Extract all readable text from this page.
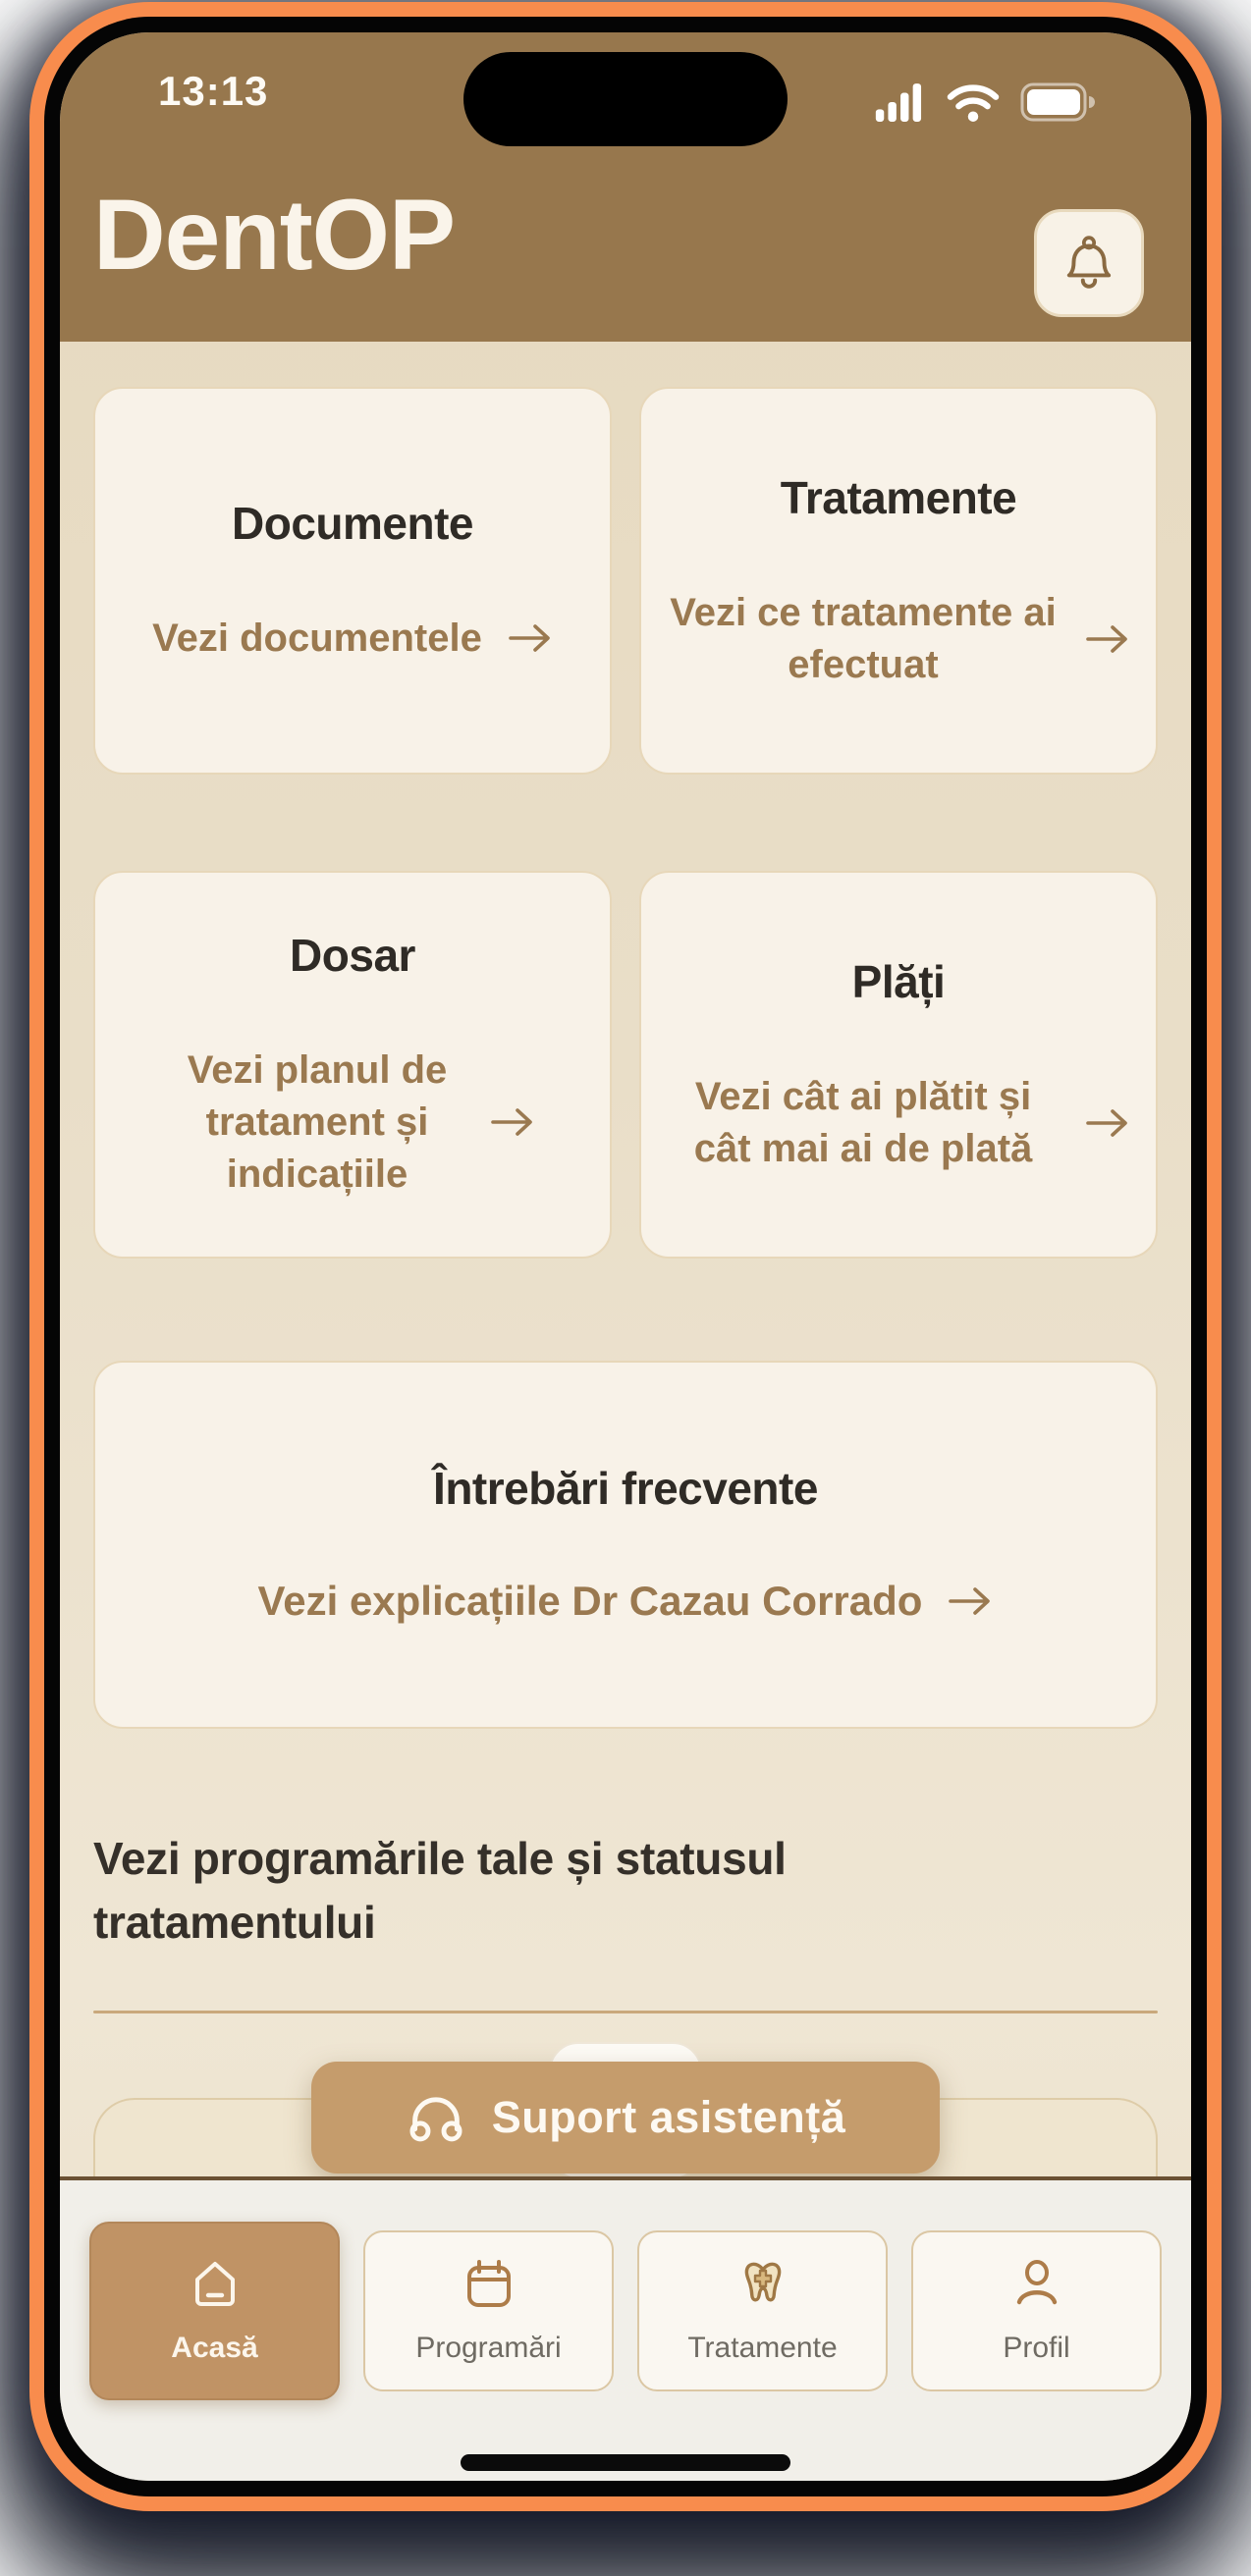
13:13
DentOP
Documente
Vezi documentele
Tratamente
Vezi ce tratamente ai efectuat
Dosar
Vezi planul de tratament și indicațiile
Plăți
Vezi cât ai plătit și cât mai ai de plată
Întrebări frecvente
Vezi explicațiile Dr Cazau Corrado
Vezi programările tale și statusul tratamentului
Suport asistență
Acasă	Programări	Tratamente	Profil
